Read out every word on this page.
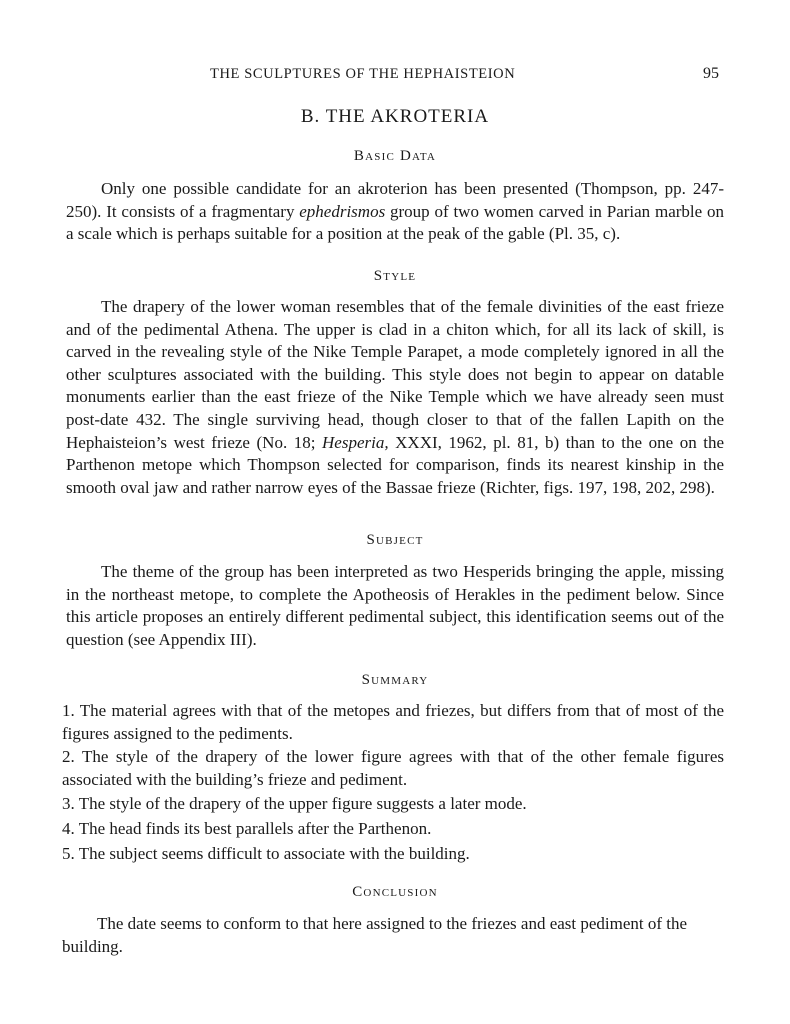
THE SCULPTURES OF THE HEPHAISTEION	95
B. THE AKROTERIA
Basic Data

Only one possible candidate for an akroterion has been presented (Thompson, pp. 247-250). It consists of a fragmentary ephedrismos group of two women carved in Parian marble on a scale which is perhaps suitable for a position at the peak of the gable (Pl. 35, c).

Style

The drapery of the lower woman resembles that of the female divinities of the east frieze and of the pedimental Athena. The upper is clad in a chiton which, for all its lack of skill, is carved in the revealing style of the Nike Temple Parapet, a mode completely ignored in all the other sculptures associated with the building. This style does not begin to appear on datable monuments earlier than the east frieze of the Nike Temple which we have already seen must post-date 432. The single surviving head, though closer to that of the fallen Lapith on the Hephaisteion’s west frieze (No. 18; Hesperia, XXXI, 1962, pl. 81, b) than to the one on the Parthenon metope which Thompson selected for comparison, finds its nearest kinship in the smooth oval jaw and rather narrow eyes of the Bassae frieze (Richter, figs. 197, 198, 202, 298).

Subject

The theme of the group has been interpreted as two Hesperids bringing the apple, missing in the northeast metope, to complete the Apotheosis of Herakles in the pediment below. Since this article proposes an entirely different pedimental subject, this identification seems out of the question (see Appendix III).

Summary
1. The material agrees with that of the metopes and friezes, but differs from that of most of the figures assigned to the pediments.
2. The style of the drapery of the lower figure agrees with that of the other female figures associated with the building’s frieze and pediment.
3. The style of the drapery of the upper figure suggests a later mode.
4. The head finds its best parallels after the Parthenon.
5. The subject seems difficult to associate with the building.
Conclusion

The date seems to conform to that here assigned to the friezes and east pediment of the building.
